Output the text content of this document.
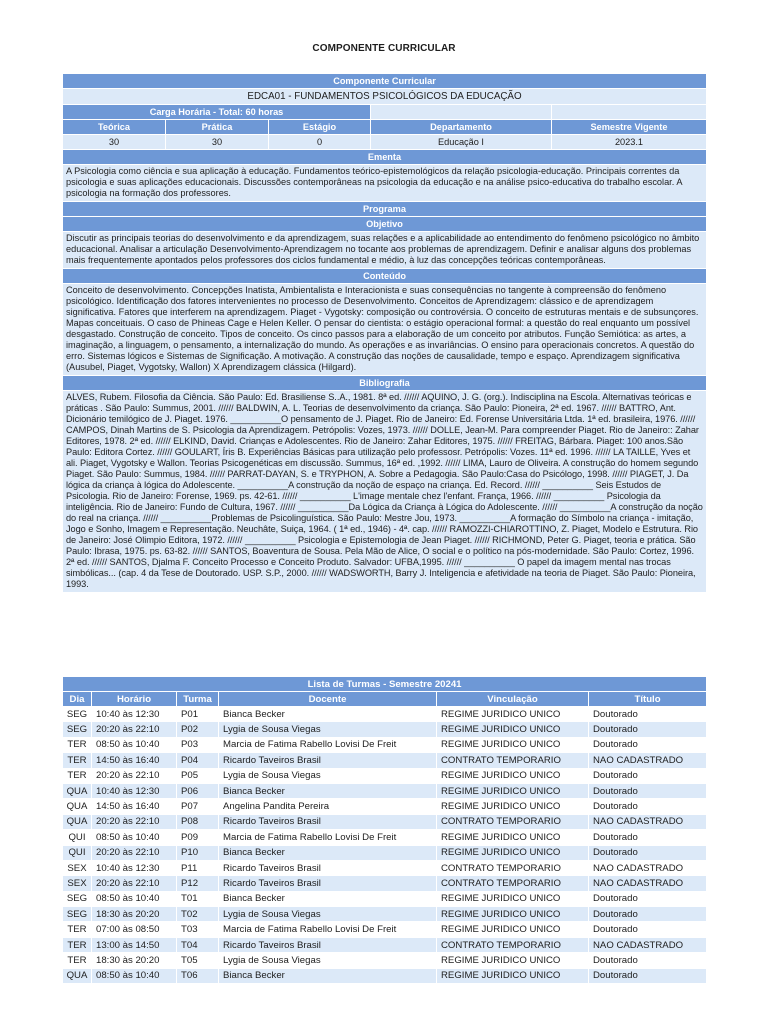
COMPONENTE CURRICULAR
Componente Curricular				
EDCA01 - FUNDAMENTOS PSICOLÓGICOS DA EDUCAÇÃO				
Carga Horária - Total: 60 horas				
Teórica	Prática	Estágio	Departamento	Semestre Vigente
30	30	0	Educação I	2023.1
Ementa				
A Psicologia como ciência e sua aplicação à educação. Fundamentos teórico-epistemológicos da relação psicologia-educação. Principais correntes da psicologia e suas aplicações educacionais. Discussões contemporâneas na psicologia da educação e na análise psico-educativa do trabalho escolar. A psicologia na formação dos professores.				
Programa				
Objetivo				
Discutir as principais teorias do desenvolvimento e da aprendizagem, suas relações e a aplicabilidade ao entendimento do fenômeno psicológico no âmbito educacional. Analisar a articulação Desenvolvimento-Aprendizagem no tocante aos problemas de aprendizagem. Definir e analisar alguns dos problemas mais frequentemente apontados pelos professores dos ciclos fundamental e médio, à luz das concepções teóricas contemporâneas.				
Conteúdo				
Conceito de desenvolvimento. Concepções Inatista, Ambientalista e Interacionista e suas consequências no tangente à compreensão do fenômeno psicológico. Identificação dos fatores intervenientes no processo de Desenvolvimento. Conceitos de Aprendizagem: clássico e de aprendizagem significativa. Fatores que interferem na aprendizagem. Piaget - Vygotsky: composição ou controvérsia. O conceito de estruturas mentais e de subsunçores. Mapas conceituais. O caso de Phineas Cage e Helen Keller. O pensar do cientista: o estágio operacional formal: a questão do real enquanto um possível desgastado. Construção de conceito. Tipos de conceito. Os cinco passos para a elaboração de um conceito por atributos. Função Semiótica: as artes, a imaginação, a linguagem, o pensamento, a internalização do mundo. As operações e as invariâncias. O ensino para operacionais concretos. A questão do erro. Sistemas lógicos e Sistemas de Significação. A motivação. A construção das noções de causalidade, tempo e espaço. Aprendizagem significativa (Ausubel, Piaget, Vygotsky, Wallon) X Aprendizagem clássica (Hilgard).				
Bibliografia				
ALVES, Rubem. Filosofia da Ciência. São Paulo: Ed. Brasiliense S..A., 1981. 8ª ed. ////// AQUINO, J. G. (org.). Indisciplina na Escola. Alternativas teóricas e práticas . São Paulo: Summus, 2001. ////// BALDWIN, A. L. Teorias de desenvolvimento da criança. São Paulo: Pioneira, 2ª ed. 1967. ////// BATTRO, Ant. Dicionário temilógico de J. Piaget. 1976. __________O pensamento de J. Piaget. Rio de Janeiro: Ed. Forense Universitária Ltda. 1ª ed. brasileira, 1976. ////// CAMPOS, Dinah Martins de S. Psicologia da Aprendizagem. Petrópolis: Vozes, 1973. ////// DOLLE, Jean-M. Para compreender Piaget. Rio de Janeiro:: Zahar Editores, 1978. 2ª ed. ////// ELKIND, David. Crianças e Adolescentes. Rio de Janeiro: Zahar Editores, 1975. ////// FREITAG, Bárbara. Piaget: 100 anos.São Paulo: Editora Cortez. ////// GOULART, Íris B. Experiências Básicas para utilização pelo professosr. Petrópolis: Vozes. 11ª ed. 1996. ////// LA TAILLE, Yves et ali. Piaget, Vygotsky e Wallon. Teorias Psicogenéticas em discussão. Summus, 16ª ed. ,1992. ////// LIMA, Lauro de Oliveira. A construção do homem segundo Piaget. São Paulo: Summus, 1984. ////// PARRAT-DAYAN, S. e TRYPHON, A. Sobre a Pedagogia. São Paulo:Casa do Psicólogo, 1998. ////// PIAGET, J. Da lógica da criança à lógica do Adolescente. __________A construção da noção de espaço na criança. Ed. Record. ////// __________ Seis Estudos de Psicologia. Rio de Janeiro: Forense, 1969. ps. 42-61. ////// __________ L'image mentale chez l'enfant. França, 1966. ////// __________ Psicologia da inteligência. Rio de Janeiro: Fundo de Cultura, 1967. ////// __________Da Lógica da Criança à Lógica do Adolescente. ////// __________A construção da noção do real na criança. ////// __________Problemas de Psicolinguística. São Paulo: Mestre Jou, 1973. __________A formação do Símbolo na criança - imitação, Jogo e Sonho, Imagem e Representação. Neuchâte, Suiça, 1964. ( 1ª ed., 1946) - 4ª. cap. ////// RAMOZZI-CHIAROTTINO, Z. Piaget, Modelo e Estrutura. Rio de Janeiro: José Olimpio Editora, 1972. ////// __________ Psicologia e Epistemologia de Jean Piaget. ////// RICHMOND, Peter G. Piaget, teoria e prática. São Paulo: Ibrasa, 1975. ps. 63-82. ////// SANTOS, Boaventura de Sousa. Pela Mão de Alice, O social e o político na pós-modernidade. São Paulo: Cortez, 1996. 2ª ed. ////// SANTOS, Djalma F. Conceito Processo e Conceito Produto. Salvador: UFBA,1995. ////// __________ O papel da imagem mental nas trocas simbólicas... (cap. 4 da Tese de Doutorado. USP. S.P., 2000. ////// WADSWORTH, Barry J. Inteligencia e afetividade na teoria de Piaget. São Paulo: Pioneira, 1993.				
Lista de Turmas - Semestre 20241					
Dia	Horário	Turma	Docente	Vinculação	Título
SEG	10:40 às 12:30	P01	Bianca Becker	REGIME JURIDICO UNICO	Doutorado
SEG	20:20 às 22:10	P02	Lygia de Sousa Viegas	REGIME JURIDICO UNICO	Doutorado
TER	08:50 às 10:40	P03	Marcia de Fatima Rabello Lovisi De Freit	REGIME JURIDICO UNICO	Doutorado
TER	14:50 às 16:40	P04	Ricardo Taveiros Brasil	CONTRATO TEMPORARIO	NAO CADASTRADO
TER	20:20 às 22:10	P05	Lygia de Sousa Viegas	REGIME JURIDICO UNICO	Doutorado
QUA	10:40 às 12:30	P06	Bianca Becker	REGIME JURIDICO UNICO	Doutorado
QUA	14:50 às 16:40	P07	Angelina Pandita Pereira	REGIME JURIDICO UNICO	Doutorado
QUA	20:20 às 22:10	P08	Ricardo Taveiros Brasil	CONTRATO TEMPORARIO	NAO CADASTRADO
QUI	08:50 às 10:40	P09	Marcia de Fatima Rabello Lovisi De Freit	REGIME JURIDICO UNICO	Doutorado
QUI	20:20 às 22:10	P10	Bianca Becker	REGIME JURIDICO UNICO	Doutorado
SEX	10:40 às 12:30	P11	Ricardo Taveiros Brasil	CONTRATO TEMPORARIO	NAO CADASTRADO
SEX	20:20 às 22:10	P12	Ricardo Taveiros Brasil	CONTRATO TEMPORARIO	NAO CADASTRADO
SEG	08:50 às 10:40	T01	Bianca Becker	REGIME JURIDICO UNICO	Doutorado
SEG	18:30 às 20:20	T02	Lygia de Sousa Viegas	REGIME JURIDICO UNICO	Doutorado
TER	07:00 às 08:50	T03	Marcia de Fatima Rabello Lovisi De Freit	REGIME JURIDICO UNICO	Doutorado
TER	13:00 às 14:50	T04	Ricardo Taveiros Brasil	CONTRATO TEMPORARIO	NAO CADASTRADO
TER	18:30 às 20:20	T05	Lygia de Sousa Viegas	REGIME JURIDICO UNICO	Doutorado
QUA	08:50 às 10:40	T06	Bianca Becker	REGIME JURIDICO UNICO	Doutorado
